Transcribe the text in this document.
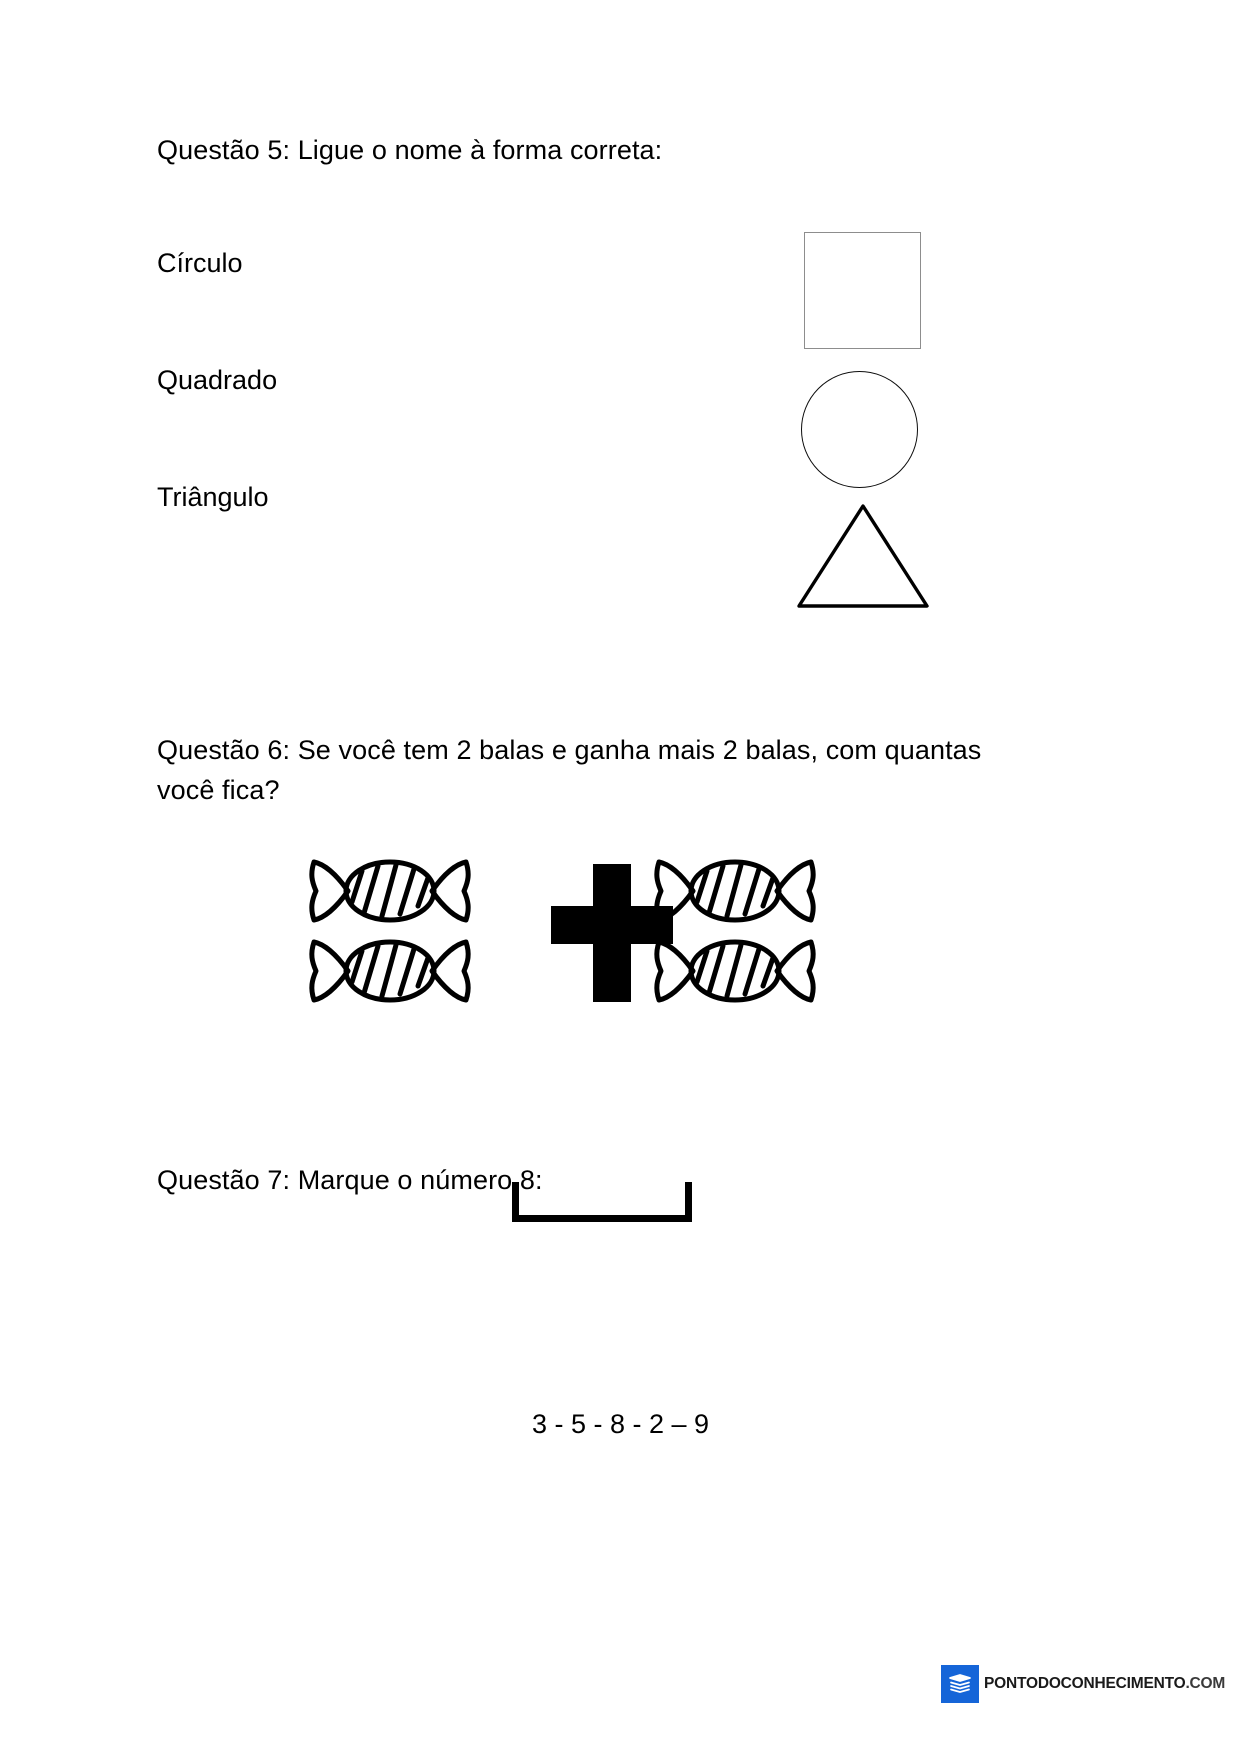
Questão 5: Ligue o nome à forma correta:
Círculo
Quadrado
Triângulo
Questão 6: Se você tem 2 balas e ganha mais 2 balas, com quantas você fica?
Questão 7: Marque o número 8:
3 - 5 - 8 - 2 – 9
PONTODOCONHECIMENTO.COM
